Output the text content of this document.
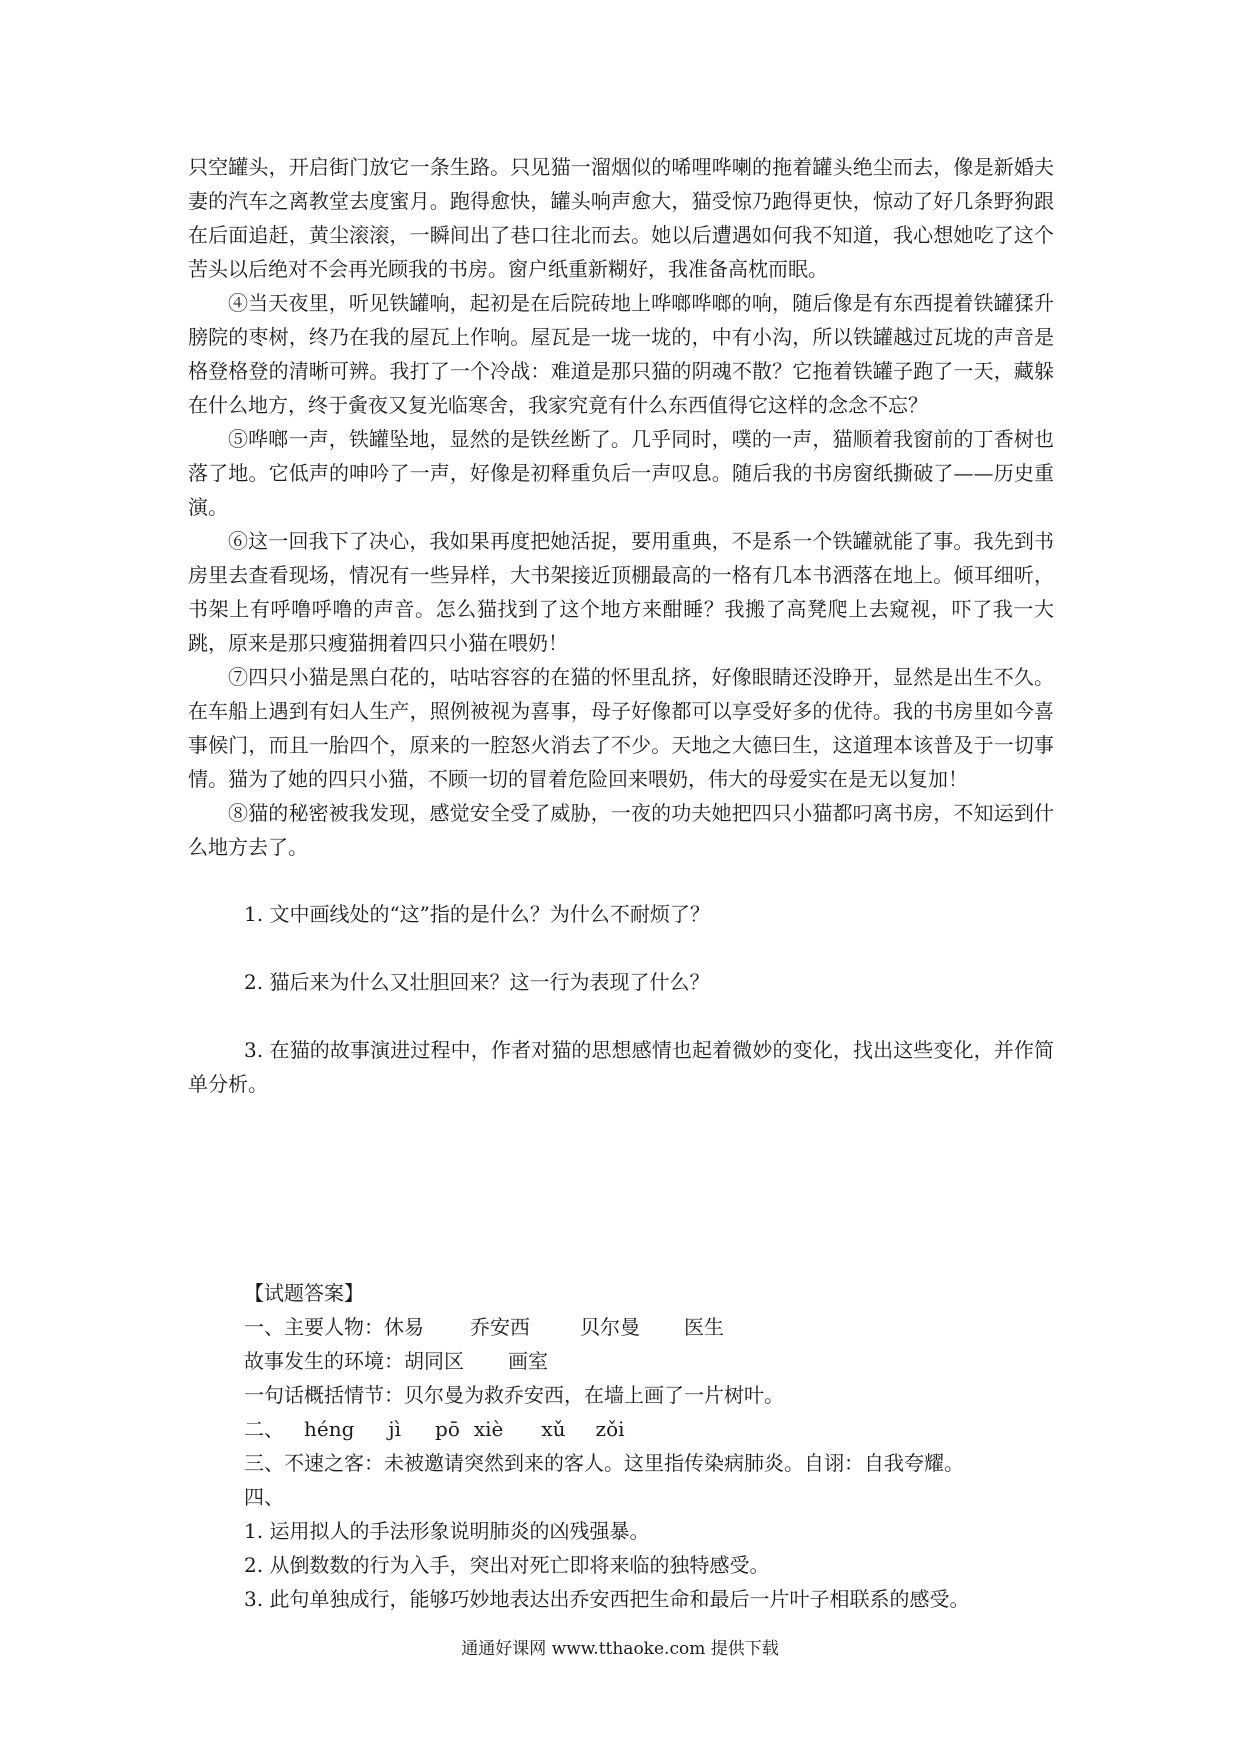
只空罐头，开启街门放它一条生路。只见猫一溜烟似的唏哩哗喇的拖着罐头绝尘而去，像是新婚夫妻的汽车之离教堂去度蜜月。跑得愈快，罐头响声愈大，猫受惊乃跑得更快，惊动了好几条野狗跟在后面追赶，黄尘滚滚，一瞬间出了巷口往北而去。她以后遭遇如何我不知道，我心想她吃了这个苦头以后绝对不会再光顾我的书房。窗户纸重新糊好，我准备高枕而眠。

④当天夜里，听见铁罐响，起初是在后院砖地上哗啷哗啷的响，随后像是有东西提着铁罐猱升膀院的枣树，终乃在我的屋瓦上作响。屋瓦是一垅一垅的，中有小沟，所以铁罐越过瓦垅的声音是格登格登的清晰可辨。我打了一个冷战：难道是那只猫的阴魂不散？它拖着铁罐子跑了一天，藏躲在什么地方，终于夤夜又复光临寒舍，我家究竟有什么东西值得它这样的念念不忘？

⑤哗啷一声，铁罐坠地，显然的是铁丝断了。几乎同时，噗的一声，猫顺着我窗前的丁香树也落了地。它低声的呻吟了一声，好像是初释重负后一声叹息。随后我的书房窗纸撕破了——历史重演。

⑥这一回我下了决心，我如果再度把她活捉，要用重典，不是系一个铁罐就能了事。我先到书房里去查看现场，情况有一些异样，大书架接近顶棚最高的一格有几本书洒落在地上。倾耳细听，书架上有呼噜呼噜的声音。怎么猫找到了这个地方来酣睡？我搬了高凳爬上去窥视，吓了我一大跳，原来是那只瘦猫拥着四只小猫在喂奶！

⑦四只小猫是黑白花的，咕咕容容的在猫的怀里乱挤，好像眼睛还没睁开，显然是出生不久。在车船上遇到有妇人生产，照例被视为喜事，母子好像都可以享受好多的优待。我的书房里如今喜事候门，而且一胎四个，原来的一腔怒火消去了不少。天地之大德曰生，这道理本该普及于一切事情。猫为了她的四只小猫，不顾一切的冒着危险回来喂奶，伟大的母爱实在是无以复加！

⑧猫的秘密被我发现，感觉安全受了威胁，一夜的功夫她把四只小猫都叼离书房，不知运到什么地方去了。

1. 文中画线处的“这”指的是什么？为什么不耐烦了？
2. 猫后来为什么又壮胆回来？这一行为表现了什么？
3. 在猫的故事演进过程中，作者对猫的思想感情也起着微妙的变化，找出这些变化，并作简单分析。
【试题答案】
一、主要人物：休易 乔安西	贝尔曼 医生
故事发生的环境：胡同区 画室
一句话概括情节：贝尔曼为救乔安西，在墙上画了一片树叶。
二、 héng jì pō xiè xǔ zǒi
三、不速之客：未被邀请突然到来的客人。这里指传染病肺炎。自诩：自我夸耀。
四、
1. 运用拟人的手法形象说明肺炎的凶残强暴。
2. 从倒数数的行为入手，突出对死亡即将来临的独特感受。
3. 此句单独成行，能够巧妙地表达出乔安西把生命和最后一片叶子相联系的感受。
通通好课网 www.tthaoke.com 提供下载
